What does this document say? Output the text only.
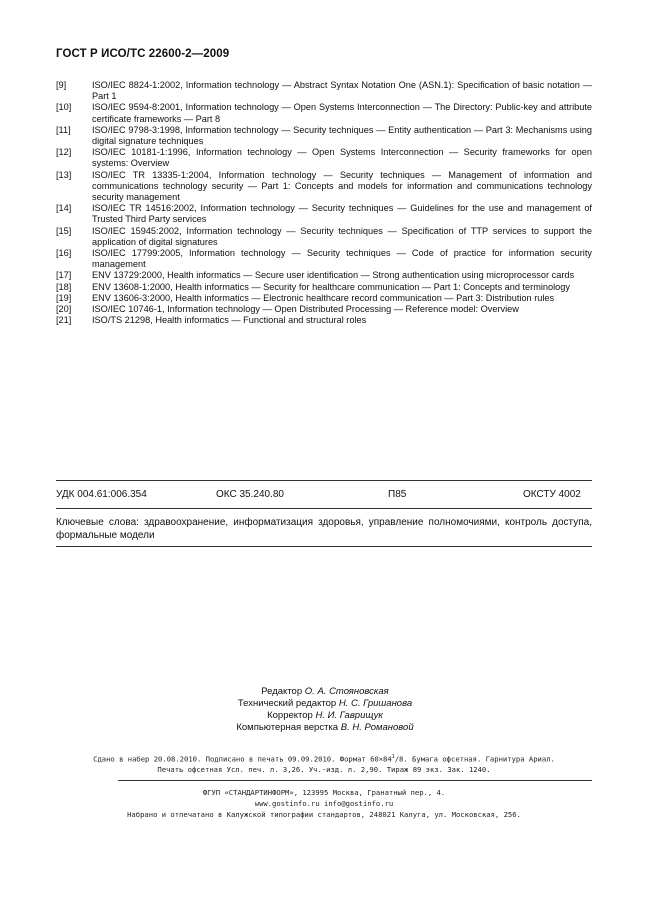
ГОСТ Р ИСО/ТС 22600-2—2009
[9]	ISO/IEC 8824-1:2002, Information technology — Abstract Syntax Notation One (ASN.1): Specification of basic notation — Part 1
[10]	ISO/IEC 9594-8:2001, Information technology — Open Systems Interconnection — The Directory: Public-key and attribute certificate frameworks — Part 8
[11]	ISO/IEC 9798-3:1998, Information technology — Security techniques — Entity authentication — Part 3: Mechanisms using digital signature techniques
[12]	ISO/IEC 10181-1:1996, Information technology — Open Systems Interconnection — Security frameworks for open systems: Overview
[13]	ISO/IEC TR 13335-1:2004, Information technology — Security techniques — Management of information and communications technology security — Part 1: Concepts and models for information and communications technology security management
[14]	ISO/IEC TR 14516:2002, Information technology — Security techniques — Guidelines for the use and management of Trusted Third Party services
[15]	ISO/IEC 15945:2002, Information technology — Security techniques — Specification of TTP services to support the application of digital signatures
[16]	ISO/IEC 17799:2005, Information technology — Security techniques — Code of practice for information security management
[17]	ENV 13729:2000, Health informatics — Secure user identification — Strong authentication using microprocessor cards
[18]	ENV 13608-1:2000, Health informatics — Security for healthcare communication — Part 1: Concepts and terminology
[19]	ENV 13606-3:2000, Health informatics — Electronic healthcare record communication — Part 3: Distribution rules
[20]	ISO/IEC 10746-1, Information technology — Open Distributed Processing — Reference model: Overview
[21]	ISO/TS 21298, Health informatics — Functional and structural roles
УДК 004.61:006.354	ОКС 35.240.80	П85	ОКСТУ 4002
Ключевые слова: здравоохранение, информатизация здоровья, управление полномочиями, контроль доступа, формальные модели
Редактор О. А. Стояновская
Технический редактор Н. С. Гришанова
Корректор Н. И. Гаврищук
Компьютерная верстка В. Н. Романовой
Сдано в набер 20.08.2010. Подписано в печать 09.09.2010. Формат $60\times 84^1/8$. Бумага офсетная. Гарнитура Ариал.
Печать офсетная Усл. печ. л. 3,26. Уч.-изд. л. 2,90. Тираж 89 экз. Зак. 1240.
ФГУП «СТАНДАРТИНФОРМ», 123995 Москва, Гранатный пер., 4.
www.gostinfo.ru info@gostinfo.ru
Набрано и отпечатано в Калужской типографии стандартов, 248021 Калуга, ул. Московская, 256.
